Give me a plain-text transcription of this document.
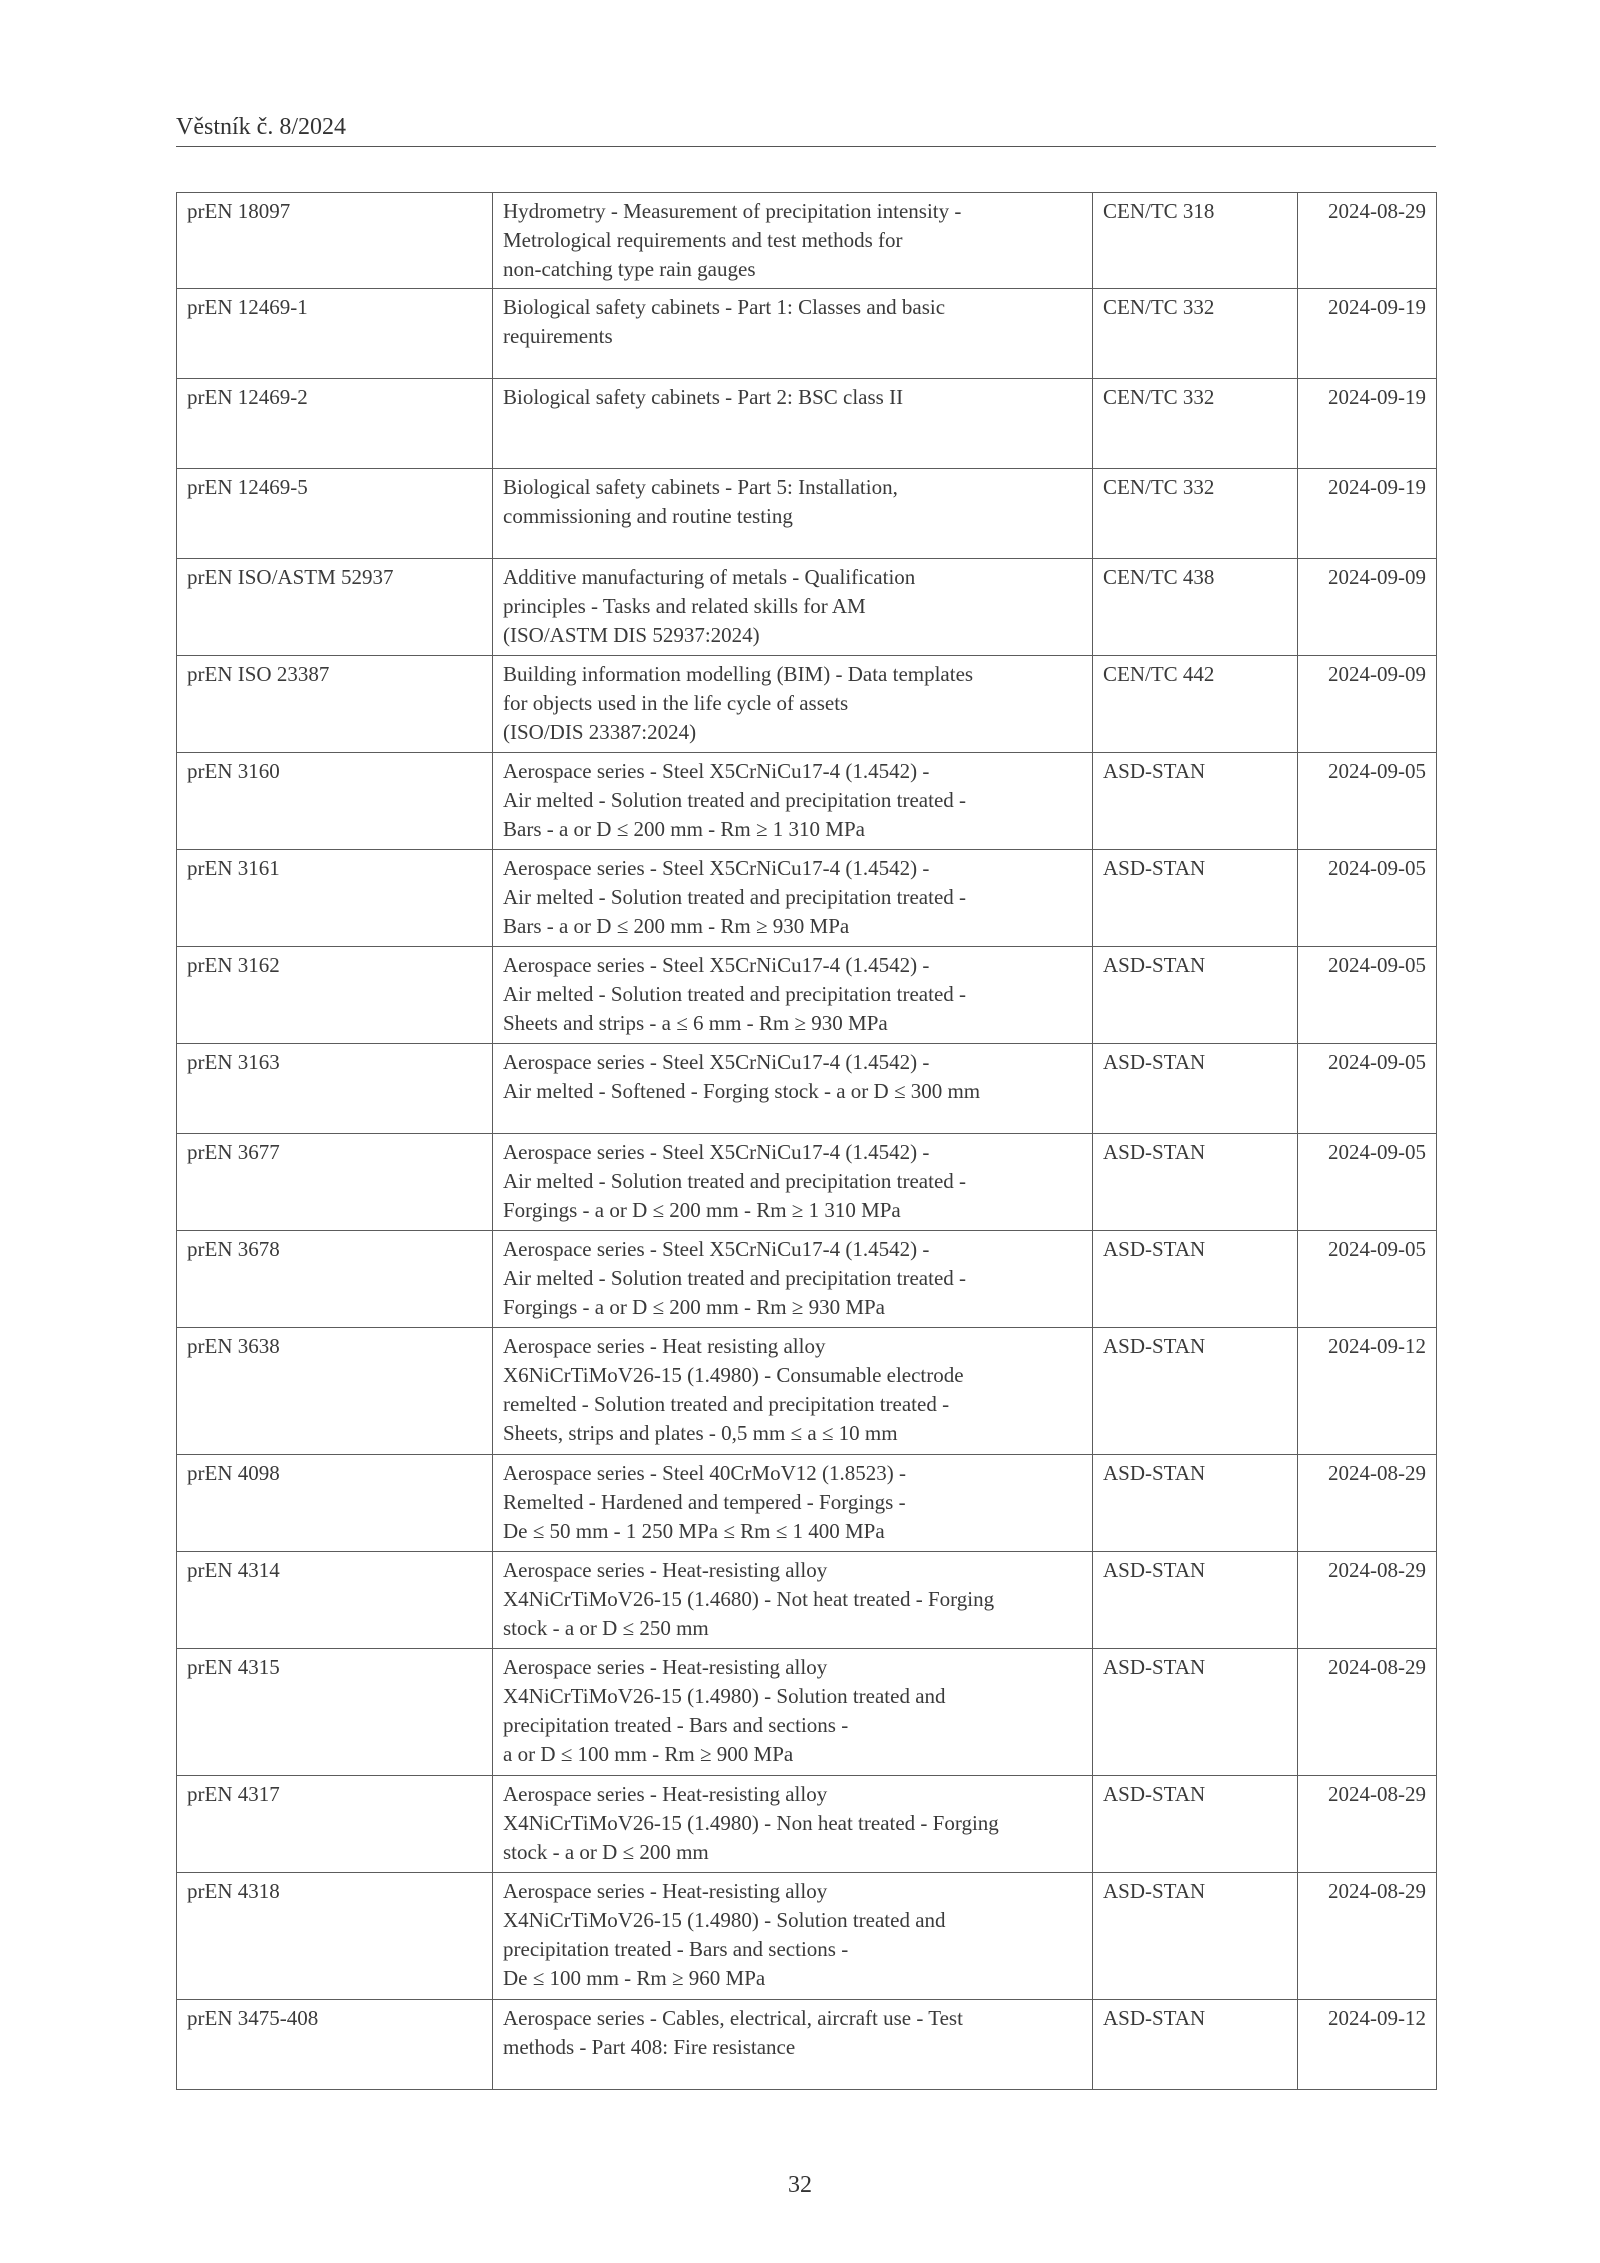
Věstník č. 8/2024
prEN 18097	Hydrometry - Measurement of precipitation intensity -
Metrological requirements and test methods for
non-catching type rain gauges	CEN/TC 318	2024-08-29
prEN 12469-1	Biological safety cabinets - Part 1: Classes and basic
requirements	CEN/TC 332	2024-09-19
prEN 12469-2	Biological safety cabinets - Part 2: BSC class II	CEN/TC 332	2024-09-19
prEN 12469-5	Biological safety cabinets - Part 5: Installation,
commissioning and routine testing	CEN/TC 332	2024-09-19
prEN ISO/ASTM 52937	Additive manufacturing of metals - Qualification
principles - Tasks and related skills for AM
(ISO/ASTM DIS 52937:2024)	CEN/TC 438	2024-09-09
prEN ISO 23387	Building information modelling (BIM) - Data templates
for objects used in the life cycle of assets
(ISO/DIS 23387:2024)	CEN/TC 442	2024-09-09
prEN 3160	Aerospace series - Steel X5CrNiCu17-4 (1.4542) -
Air melted - Solution treated and precipitation treated -
Bars - a or D ≤ 200 mm - Rm ≥ 1 310 MPa	ASD-STAN	2024-09-05
prEN 3161	Aerospace series - Steel X5CrNiCu17-4 (1.4542) -
Air melted - Solution treated and precipitation treated -
Bars - a or D ≤ 200 mm - Rm ≥ 930 MPa	ASD-STAN	2024-09-05
prEN 3162	Aerospace series - Steel X5CrNiCu17-4 (1.4542) -
Air melted - Solution treated and precipitation treated -
Sheets and strips - a ≤ 6 mm - Rm ≥ 930 MPa	ASD-STAN	2024-09-05
prEN 3163	Aerospace series - Steel X5CrNiCu17-4 (1.4542) -
Air melted - Softened - Forging stock - a or D ≤ 300 mm	ASD-STAN	2024-09-05
prEN 3677	Aerospace series - Steel X5CrNiCu17-4 (1.4542) -
Air melted - Solution treated and precipitation treated -
Forgings - a or D ≤ 200 mm - Rm ≥ 1 310 MPa	ASD-STAN	2024-09-05
prEN 3678	Aerospace series - Steel X5CrNiCu17-4 (1.4542) -
Air melted - Solution treated and precipitation treated -
Forgings - a or D ≤ 200 mm - Rm ≥ 930 MPa	ASD-STAN	2024-09-05
prEN 3638	Aerospace series - Heat resisting alloy
X6NiCrTiMoV26-15 (1.4980) - Consumable electrode
remelted - Solution treated and precipitation treated -
Sheets, strips and plates - 0,5 mm ≤ a ≤ 10 mm	ASD-STAN	2024-09-12
prEN 4098	Aerospace series - Steel 40CrMoV12 (1.8523) -
Remelted - Hardened and tempered - Forgings -
De ≤ 50 mm - 1 250 MPa ≤ Rm ≤ 1 400 MPa	ASD-STAN	2024-08-29
prEN 4314	Aerospace series - Heat-resisting alloy
X4NiCrTiMoV26-15 (1.4680) - Not heat treated - Forging
stock - a or D ≤ 250 mm	ASD-STAN	2024-08-29
prEN 4315	Aerospace series - Heat-resisting alloy
X4NiCrTiMoV26-15 (1.4980) - Solution treated and
precipitation treated - Bars and sections -
a or D ≤ 100 mm - Rm ≥ 900 MPa	ASD-STAN	2024-08-29
prEN 4317	Aerospace series - Heat-resisting alloy
X4NiCrTiMoV26-15 (1.4980) - Non heat treated - Forging
stock - a or D ≤ 200 mm	ASD-STAN	2024-08-29
prEN 4318	Aerospace series - Heat-resisting alloy
X4NiCrTiMoV26-15 (1.4980) - Solution treated and
precipitation treated - Bars and sections -
De ≤ 100 mm - Rm ≥ 960 MPa	ASD-STAN	2024-08-29
prEN 3475-408	Aerospace series - Cables, electrical, aircraft use - Test
methods - Part 408: Fire resistance	ASD-STAN	2024-09-12
32
